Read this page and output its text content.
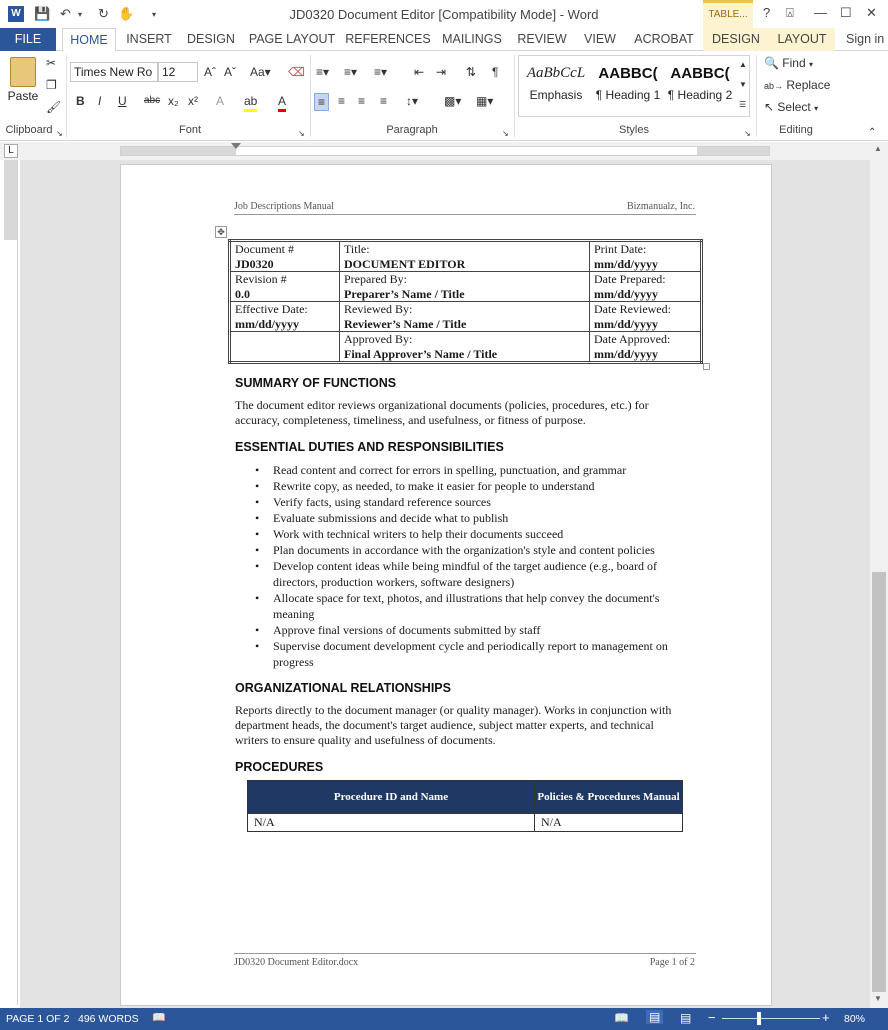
W 💾 ↶ ▾ ↻ ✋ ▾	JD0320 Document Editor [Compatibility Mode] - Word	TABLE...	? ⍓ — ☐ ✕
FILE	HOME	INSERT	DESIGN	PAGE LAYOUT REFERENCES MAILINGS	REVIEW	VIEW	ACROBAT	DESIGN	LAYOUT	Sign in
Paste
✂
❐
🖌
Clipboard ↘
Times New Ro 12	Aˆ Aˇ Aa▾ ⌫
B I U abc x₂ x² A ab A
Font	↘
≡▾ ≡▾ ≡▾ ⇤ ⇥ ⇅ ¶
≡	≡ ≡ ≡ ↕▾ ▩▾ ▦▾
Paragraph	↘
AaBbCcL
Emphasis
AABBC(
¶ Heading 1
AABBC(
¶ Heading 2
▲
▼
☰
Styles	↘
🔍 Find ▾
ab→ Replace
↖ Select ▾
Editing	⌃
L
Job Descriptions Manual	Bizmanualz, Inc.
✥
Document #
JD0320	Title:
DOCUMENT EDITOR	Print Date:
mm/dd/yyyy
Revision #
0.0	Prepared By:
Preparer’s Name / Title	Date Prepared:
mm/dd/yyyy
Effective Date:
mm/dd/yyyy	Reviewed By:
Reviewer’s Name / Title	Date Reviewed:
mm/dd/yyyy

	Approved By:
Final Approver’s Name / Title	Date Approved:
mm/dd/yyyy
SUMMARY OF FUNCTIONS
The document editor reviews organizational documents (policies, procedures, etc.) for accuracy, completeness, timeliness, and usefulness, or fitness of purpose.
ESSENTIAL DUTIES AND RESPONSIBILITIES
• Read content and correct for errors in spelling, punctuation, and grammar
• Rewrite copy, as needed, to make it easier for people to understand
• Verify facts, using standard reference sources
• Evaluate submissions and decide what to publish
• Work with technical writers to help their documents succeed
• Plan documents in accordance with the organization's style and content policies
• Develop content ideas while being mindful of the target audience (e.g., board of directors, production workers, software designers)
• Allocate space for text, photos, and illustrations that help convey the document's meaning
• Approve final versions of documents submitted by staff
• Supervise document development cycle and periodically report to management on progress
ORGANIZATIONAL RELATIONSHIPS
Reports directly to the document manager (or quality manager). Works in conjunction with department heads, the document's target audience, subject matter experts, and technical writers to ensure quality and usefulness of documents.
PROCEDURES
Procedure ID and Name	Policies & Procedures Manual
N/A	N/A
JD0320 Document Editor.docx	Page 1 of 2
▲
▼
PAGE 1 OF 2 496 WORDS 📖	📖 ▤ ▤ −	+ 80%
